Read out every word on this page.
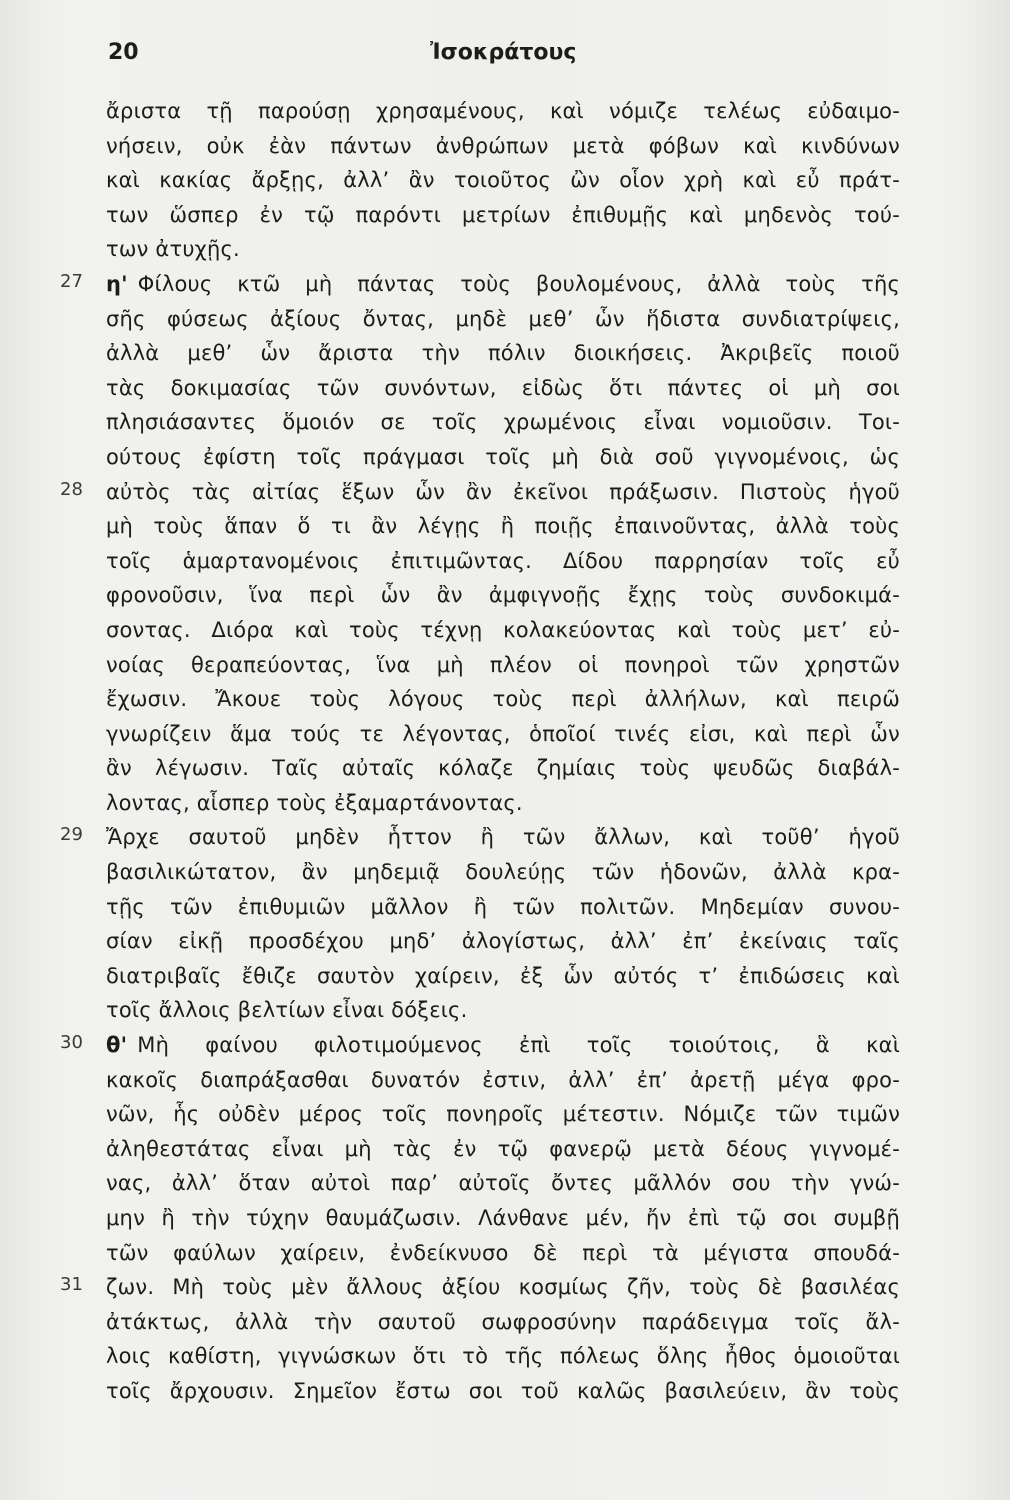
20	Ἰσοκράτους
ἄριστα τῇ παρούσῃ χρησαμένους, καὶ νόμιζε τελέως εὐδαιμο-
νήσειν, οὐκ ἐὰν πάντων ἀνθρώπων μετὰ φόβων καὶ κινδύνων
καὶ κακίας ἄρξῃς, ἀλλ’ ἂν τοιοῦτος ὢν οἷον χρὴ καὶ εὖ πράτ-
των ὥσπερ ἐν τῷ παρόντι μετρίων ἐπιθυμῇς καὶ μηδενὸς τού-
των ἀτυχῇς.
27	η' Φίλους κτῶ μὴ πάντας τοὺς βουλομένους, ἀλλὰ τοὺς τῆς
σῆς φύσεως ἀξίους ὄντας, μηδὲ μεθ’ ὧν ἥδιστα συνδιατρίψεις,
ἀλλὰ μεθ’ ὧν ἄριστα τὴν πόλιν διοικήσεις. Ἀκριβεῖς ποιοῦ
τὰς δοκιμασίας τῶν συνόντων, εἰδὼς ὅτι πάντες οἱ μὴ σοι
πλησιάσαντες ὅμοιόν σε τοῖς χρωμένοις εἶναι νομιοῦσιν. Τοι-
ούτους ἐφίστη τοῖς πράγμασι τοῖς μὴ διὰ σοῦ γιγνομένοις, ὡς
28	αὐτὸς τὰς αἰτίας ἕξων ὧν ἂν ἐκεῖνοι πράξωσιν. Πιστοὺς ἡγοῦ
μὴ τοὺς ἅπαν ὅ τι ἂν λέγῃς ἢ ποιῇς ἐπαινοῦντας, ἀλλὰ τοὺς
τοῖς ἁμαρτανομένοις ἐπιτιμῶντας. Δίδου παρρησίαν τοῖς εὖ
φρονοῦσιν, ἵνα περὶ ὧν ἂν ἀμφιγνοῇς ἔχῃς τοὺς συνδοκιμά-
σοντας. Διόρα καὶ τοὺς τέχνῃ κολακεύοντας καὶ τοὺς μετ’ εὐ-
νοίας θεραπεύοντας, ἵνα μὴ πλέον οἱ πονηροὶ τῶν χρηστῶν
ἔχωσιν. Ἄκουε τοὺς λόγους τοὺς περὶ ἀλλήλων, καὶ πειρῶ
γνωρίζειν ἅμα τούς τε λέγοντας, ὁποῖοί τινές εἰσι, καὶ περὶ ὧν
ἂν λέγωσιν. Ταῖς αὐταῖς κόλαζε ζημίαις τοὺς ψευδῶς διαβάλ-
λοντας, αἷσπερ τοὺς ἐξαμαρτάνοντας.
29	Ἄρχε σαυτοῦ μηδὲν ἧττον ἢ τῶν ἄλλων, καὶ τοῦθ’ ἡγοῦ
βασιλικώτατον, ἂν μηδεμιᾷ δουλεύῃς τῶν ἡδονῶν, ἀλλὰ κρα-
τῇς τῶν ἐπιθυμιῶν μᾶλλον ἢ τῶν πολιτῶν. Μηδεμίαν συνου-
σίαν εἰκῇ προσδέχου μηδ’ ἀλογίστως, ἀλλ’ ἐπ’ ἐκείναις ταῖς
διατριβαῖς ἔθιζε σαυτὸν χαίρειν, ἐξ ὧν αὐτός τ’ ἐπιδώσεις καὶ
τοῖς ἄλλοις βελτίων εἶναι δόξεις.
30	θ' Μὴ φαίνου φιλοτιμούμενος ἐπὶ τοῖς τοιούτοις, ἃ καὶ
κακοῖς διαπράξασθαι δυνατόν ἐστιν, ἀλλ’ ἐπ’ ἀρετῇ μέγα φρο-
νῶν, ἧς οὐδὲν μέρος τοῖς πονηροῖς μέτεστιν. Νόμιζε τῶν τιμῶν
ἀληθεστάτας εἶναι μὴ τὰς ἐν τῷ φανερῷ μετὰ δέους γιγνομέ-
νας, ἀλλ’ ὅταν αὐτοὶ παρ’ αὐτοῖς ὄντες μᾶλλόν σου τὴν γνώ-
μην ἢ τὴν τύχην θαυμάζωσιν. Λάνθανε μέν, ἤν ἐπὶ τῷ σοι συμβῇ
τῶν φαύλων χαίρειν, ἐνδείκνυσο δὲ περὶ τὰ μέγιστα σπουδά-
31	ζων. Μὴ τοὺς μὲν ἄλλους ἀξίου κοσμίως ζῆν, τοὺς δὲ βασιλέας
ἀτάκτως, ἀλλὰ τὴν σαυτοῦ σωφροσύνην παράδειγμα τοῖς ἄλ-
λοις καθίστη, γιγνώσκων ὅτι τὸ τῆς πόλεως ὅλης ἦθος ὁμοιοῦται
τοῖς ἄρχουσιν. Σημεῖον ἔστω σοι τοῦ καλῶς βασιλεύειν, ἂν τοὺς
